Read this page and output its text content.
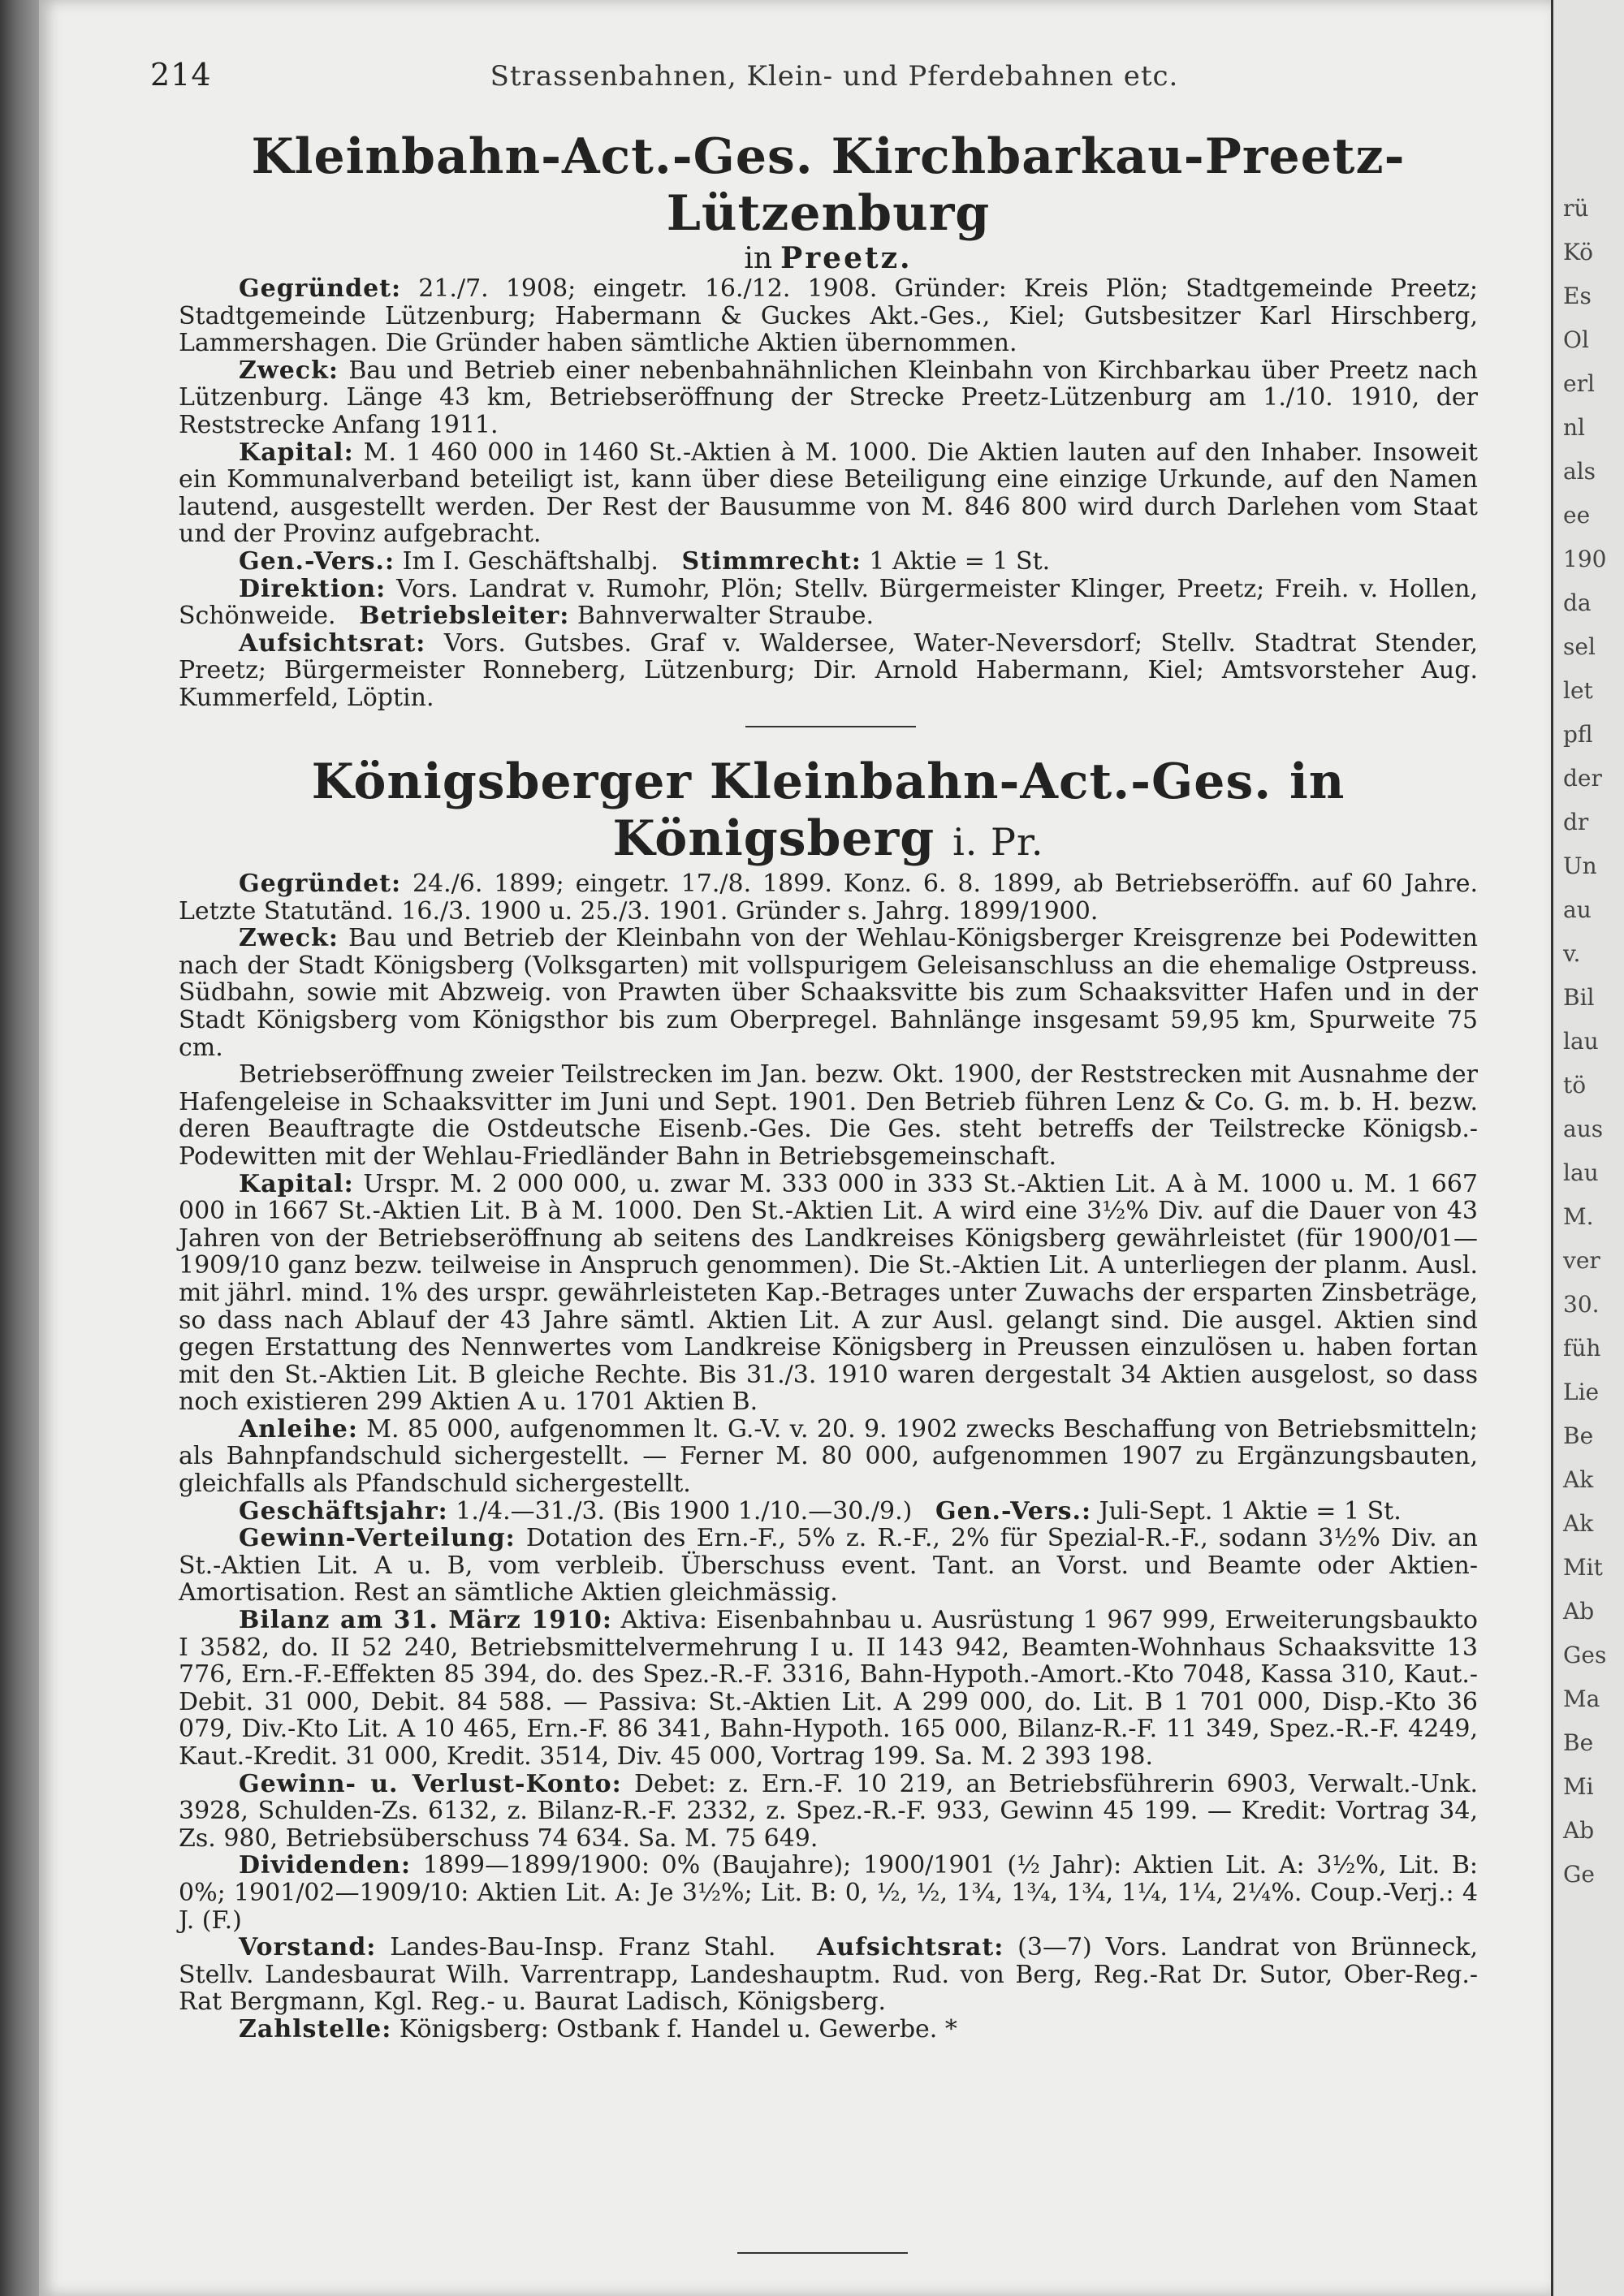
214	Strassenbahnen, Klein- und Pferdebahnen etc.
Kleinbahn-Act.-Ges. Kirchbarkau-Preetz-Lützenburg
in Preetz.

Gegründet: 21./7. 1908; eingetr. 16./12. 1908. Gründer: Kreis Plön; Stadtgemeinde Preetz; Stadtgemeinde Lützenburg; Habermann & Guckes Akt.-Ges., Kiel; Gutsbesitzer Karl Hirschberg, Lammershagen. Die Gründer haben sämtliche Aktien übernommen.

Zweck: Bau und Betrieb einer nebenbahnähnlichen Kleinbahn von Kirchbarkau über Preetz nach Lützenburg. Länge 43 km, Betriebseröffnung der Strecke Preetz-Lützenburg am 1./10. 1910, der Reststrecke Anfang 1911.

Kapital: M. 1 460 000 in 1460 St.-Aktien à M. 1000. Die Aktien lauten auf den Inhaber. Insoweit ein Kommunalverband beteiligt ist, kann über diese Beteiligung eine einzige Urkunde, auf den Namen lautend, ausgestellt werden. Der Rest der Bausumme von M. 846 800 wird durch Darlehen vom Staat und der Provinz aufgebracht.

Gen.-Vers.: Im I. Geschäftshalbj. Stimmrecht: 1 Aktie = 1 St.

Direktion: Vors. Landrat v. Rumohr, Plön; Stellv. Bürgermeister Klinger, Preetz; Freih. v. Hollen, Schönweide. Betriebsleiter: Bahnverwalter Straube.

Aufsichtsrat: Vors. Gutsbes. Graf v. Waldersee, Water-Neversdorf; Stellv. Stadtrat Stender, Preetz; Bürgermeister Ronneberg, Lützenburg; Dir. Arnold Habermann, Kiel; Amtsvorsteher Aug. Kummerfeld, Löptin.

Königsberger Kleinbahn-Act.-Ges. in Königsberg i. Pr.

Gegründet: 24./6. 1899; eingetr. 17./8. 1899. Konz. 6. 8. 1899, ab Betriebseröffn. auf 60 Jahre. Letzte Statutänd. 16./3. 1900 u. 25./3. 1901. Gründer s. Jahrg. 1899/1900.

Zweck: Bau und Betrieb der Kleinbahn von der Wehlau-Königsberger Kreisgrenze bei Podewitten nach der Stadt Königsberg (Volksgarten) mit vollspurigem Geleisanschluss an die ehemalige Ostpreuss. Südbahn, sowie mit Abzweig. von Prawten über Schaaksvitte bis zum Schaaksvitter Hafen und in der Stadt Königsberg vom Königsthor bis zum Oberpregel. Bahnlänge insgesamt 59,95 km, Spurweite 75 cm.

Betriebseröffnung zweier Teilstrecken im Jan. bezw. Okt. 1900, der Reststrecken mit Ausnahme der Hafengeleise in Schaaksvitter im Juni und Sept. 1901. Den Betrieb führen Lenz & Co. G. m. b. H. bezw. deren Beauftragte die Ostdeutsche Eisenb.-Ges. Die Ges. steht betreffs der Teilstrecke Königsb.-Podewitten mit der Wehlau-Friedländer Bahn in Betriebsgemeinschaft.

Kapital: Urspr. M. 2 000 000, u. zwar M. 333 000 in 333 St.-Aktien Lit. A à M. 1000 u. M. 1 667 000 in 1667 St.-Aktien Lit. B à M. 1000. Den St.-Aktien Lit. A wird eine 3½% Div. auf die Dauer von 43 Jahren von der Betriebseröffnung ab seitens des Landkreises Königsberg gewährleistet (für 1900/01—1909/10 ganz bezw. teilweise in Anspruch genommen). Die St.-Aktien Lit. A unterliegen der planm. Ausl. mit jährl. mind. 1% des urspr. gewährleisteten Kap.-Betrages unter Zuwachs der ersparten Zinsbeträge, so dass nach Ablauf der 43 Jahre sämtl. Aktien Lit. A zur Ausl. gelangt sind. Die ausgel. Aktien sind gegen Erstattung des Nennwertes vom Landkreise Königsberg in Preussen einzulösen u. haben fortan mit den St.-Aktien Lit. B gleiche Rechte. Bis 31./3. 1910 waren dergestalt 34 Aktien ausgelost, so dass noch existieren 299 Aktien A u. 1701 Aktien B.

Anleihe: M. 85 000, aufgenommen lt. G.-V. v. 20. 9. 1902 zwecks Beschaffung von Betriebsmitteln; als Bahnpfandschuld sichergestellt. — Ferner M. 80 000, aufgenommen 1907 zu Ergänzungsbauten, gleichfalls als Pfandschuld sichergestellt.

Geschäftsjahr: 1./4.—31./3. (Bis 1900 1./10.—30./9.) Gen.-Vers.: Juli-Sept. 1 Aktie = 1 St.

Gewinn-Verteilung: Dotation des Ern.-F., 5% z. R.-F., 2% für Spezial-R.-F., sodann 3½% Div. an St.-Aktien Lit. A u. B, vom verbleib. Überschuss event. Tant. an Vorst. und Beamte oder Aktien-Amortisation. Rest an sämtliche Aktien gleichmässig.

Bilanz am 31. März 1910: Aktiva: Eisenbahnbau u. Ausrüstung 1 967 999, Erweiterungsbaukto I 3582, do. II 52 240, Betriebsmittelvermehrung I u. II 143 942, Beamten-Wohnhaus Schaaksvitte 13 776, Ern.-F.-Effekten 85 394, do. des Spez.-R.-F. 3316, Bahn-Hypoth.-Amort.-Kto 7048, Kassa 310, Kaut.-Debit. 31 000, Debit. 84 588. — Passiva: St.-Aktien Lit. A 299 000, do. Lit. B 1 701 000, Disp.-Kto 36 079, Div.-Kto Lit. A 10 465, Ern.-F. 86 341, Bahn-Hypoth. 165 000, Bilanz-R.-F. 11 349, Spez.-R.-F. 4249, Kaut.-Kredit. 31 000, Kredit. 3514, Div. 45 000, Vortrag 199. Sa. M. 2 393 198.

Gewinn- u. Verlust-Konto: Debet: z. Ern.-F. 10 219, an Betriebsführerin 6903, Verwalt.-Unk. 3928, Schulden-Zs. 6132, z. Bilanz-R.-F. 2332, z. Spez.-R.-F. 933, Gewinn 45 199. — Kredit: Vortrag 34, Zs. 980, Betriebsüberschuss 74 634. Sa. M. 75 649.

Dividenden: 1899—1899/1900: 0% (Baujahre); 1900/1901 (½ Jahr): Aktien Lit. A: 3½%, Lit. B: 0%; 1901/02—1909/10: Aktien Lit. A: Je 3½%; Lit. B: 0, ½, ½, 1¾, 1¾, 1¾, 1¼, 1¼, 2¼%. Coup.-Verj.: 4 J. (F.)

Vorstand: Landes-Bau-Insp. Franz Stahl. Aufsichtsrat: (3—7) Vors. Landrat von Brünneck, Stellv. Landesbaurat Wilh. Varrentrapp, Landeshauptm. Rud. von Berg, Reg.-Rat Dr. Sutor, Ober-Reg.-Rat Bergmann, Kgl. Reg.- u. Baurat Ladisch, Königsberg.

Zahlstelle: Königsberg: Ostbank f. Handel u. Gewerbe. *

rü
Kö
Es
Ol
erl
nl
als
ee
190
da
sel
let
pfl
der
dr
Un
au
v.
Bil
lau
tö
aus
lau
M.
ver
30.
füh
Lie
Be
Ak
Ak
Mit
Ab
Ges
Ma
Be
Mi
Ab
Ge
